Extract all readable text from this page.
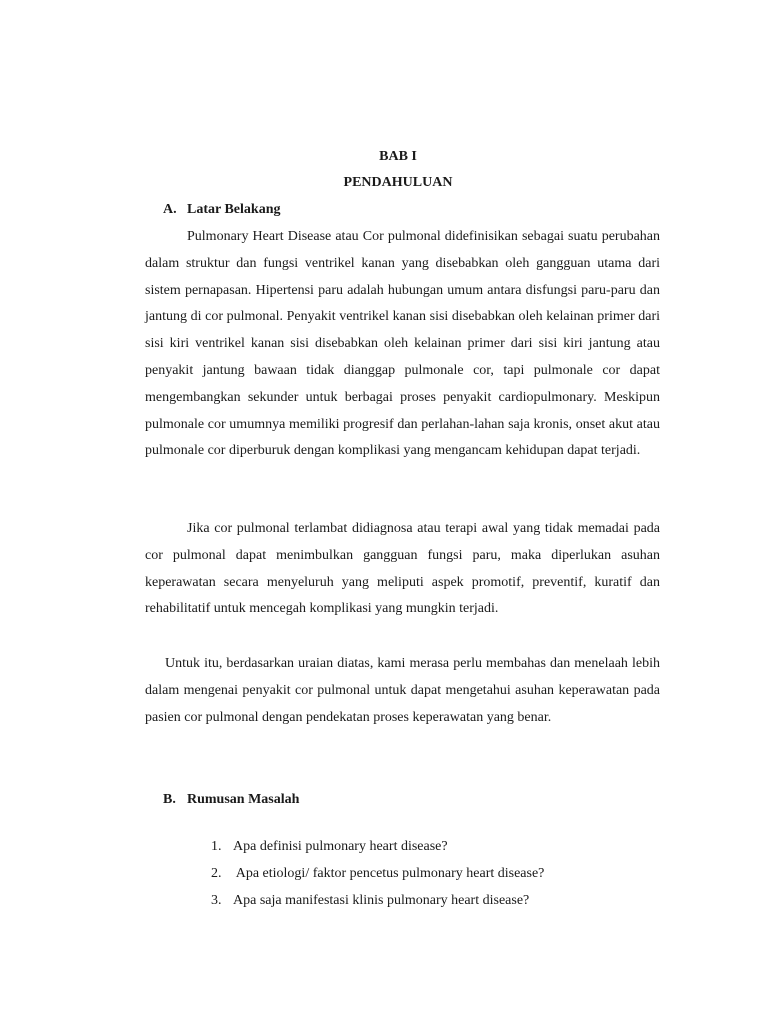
BAB I
PENDAHULUAN
A. Latar Belakang

Pulmonary Heart Disease atau Cor pulmonal didefinisikan sebagai suatu perubahan dalam struktur dan fungsi ventrikel kanan yang disebabkan oleh gangguan utama dari sistem pernapasan. Hipertensi paru adalah hubungan umum antara disfungsi paru-paru dan jantung di cor pulmonal. Penyakit ventrikel kanan sisi disebabkan oleh kelainan primer dari sisi kiri ventrikel kanan sisi disebabkan oleh kelainan primer dari sisi kiri jantung atau penyakit jantung bawaan tidak dianggap pulmonale cor, tapi pulmonale cor dapat mengembangkan sekunder untuk berbagai proses penyakit cardiopulmonary. Meskipun pulmonale cor umumnya memiliki progresif dan perlahan-lahan saja kronis, onset akut atau pulmonale cor diperburuk dengan komplikasi yang mengancam kehidupan dapat terjadi.

Jika cor pulmonal terlambat didiagnosa atau terapi awal yang tidak memadai pada cor pulmonal dapat menimbulkan gangguan fungsi paru, maka diperlukan asuhan keperawatan secara menyeluruh yang meliputi aspek promotif, preventif, kuratif dan rehabilitatif untuk mencegah komplikasi yang mungkin terjadi.

Untuk itu, berdasarkan uraian diatas, kami merasa perlu membahas dan menelaah lebih dalam mengenai penyakit cor pulmonal untuk dapat mengetahui asuhan keperawatan pada pasien cor pulmonal dengan pendekatan proses keperawatan yang benar.

B. Rumusan Masalah
1. Apa definisi pulmonary heart disease?
2. Apa etiologi/ faktor pencetus pulmonary heart disease?
3. Apa saja manifestasi klinis pulmonary heart disease?
